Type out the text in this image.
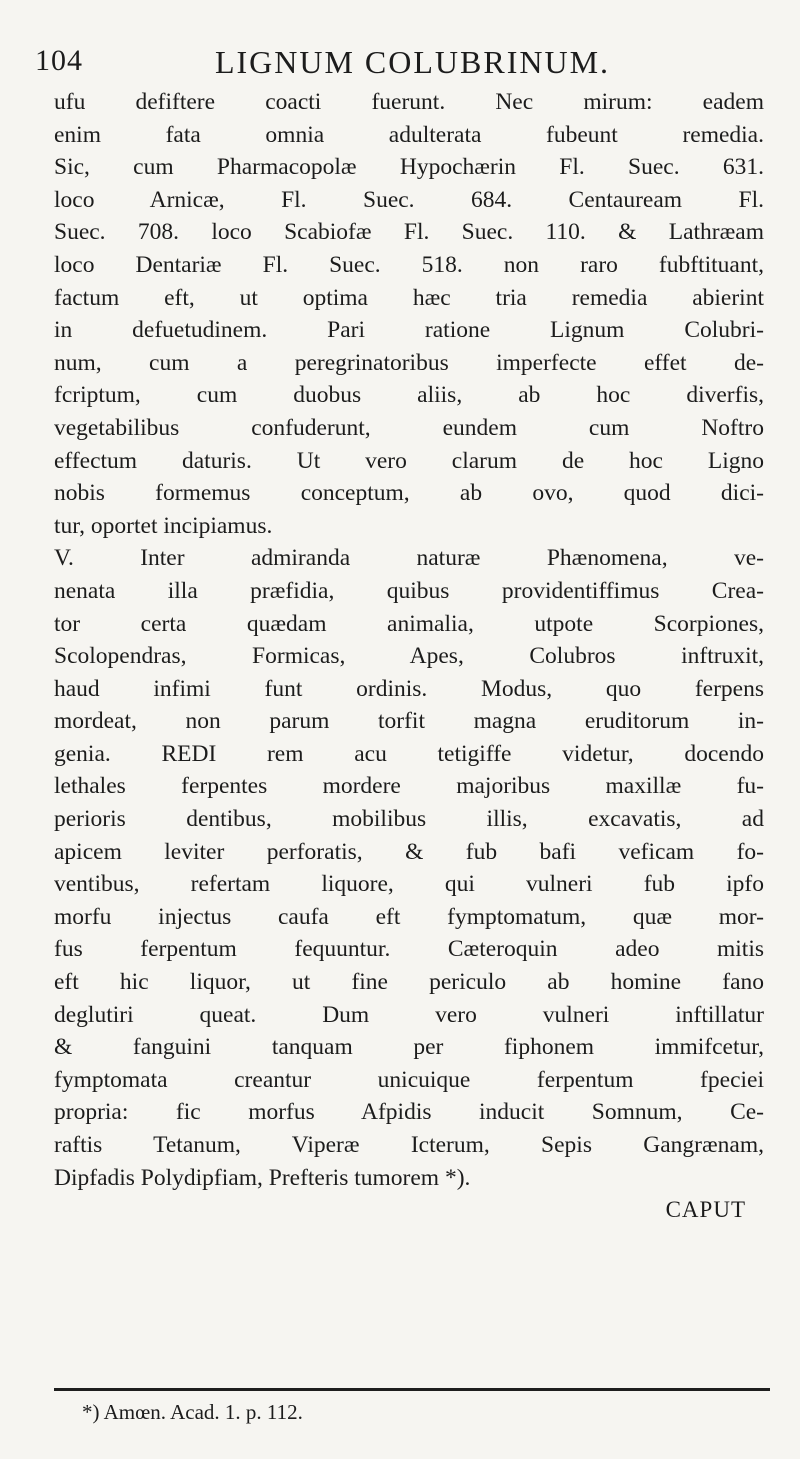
104	LIGNUM COLUBRINUM.
ufu defiftere coacti fuerunt. Nec mirum: eadem
enim fata omnia adulterata fubeunt remedia.
Sic, cum Pharmacopolæ Hypochærin Fl. Suec. 631.
loco Arnicæ, Fl. Suec. 684. Centauream Fl.
Suec. 708. loco Scabiofæ Fl. Suec. 110. & Lathræam
loco Dentariæ Fl. Suec. 518. non raro fubftituant,
factum eft, ut optima hæc tria remedia abierint
in defuetudinem. Pari ratione Lignum Colubri-
num, cum a peregrinatoribus imperfecte effet de-
fcriptum, cum duobus aliis, ab hoc diverfis,
vegetabilibus confuderunt, eundem cum Noftro
effectum daturis. Ut vero clarum de hoc Ligno
nobis formemus conceptum, ab ovo, quod dici-
tur, oportet incipiamus.
V. Inter admiranda naturæ Phænomena, ve-
nenata illa præfidia, quibus providentiffimus Crea-
tor certa quædam animalia, utpote Scorpiones,
Scolopendras, Formicas, Apes, Colubros inftruxit,
haud infimi funt ordinis. Modus, quo ferpens
mordeat, non parum torfit magna eruditorum in-
genia. REDI rem acu tetigiffe videtur, docendo
lethales ferpentes mordere majoribus maxillæ fu-
perioris dentibus, mobilibus illis, excavatis, ad
apicem leviter perforatis, & fub bafi veficam fo-
ventibus, refertam liquore, qui vulneri fub ipfo
morfu injectus caufa eft fymptomatum, quæ mor-
fus ferpentum fequuntur. Cæteroquin adeo mitis
eft hic liquor, ut fine periculo ab homine fano
deglutiri queat. Dum vero vulneri inftillatur
& fanguini tanquam per fiphonem immifcetur,
fymptomata creantur unicuique ferpentum fpeciei
propria: fic morfus Afpidis inducit Somnum, Ce-
raftis Tetanum, Viperæ Icterum, Sepis Gangrænam,
Dipfadis Polydipfiam, Prefteris tumorem *).
CAPUT
*) Amœn. Acad. 1. p. 112.
